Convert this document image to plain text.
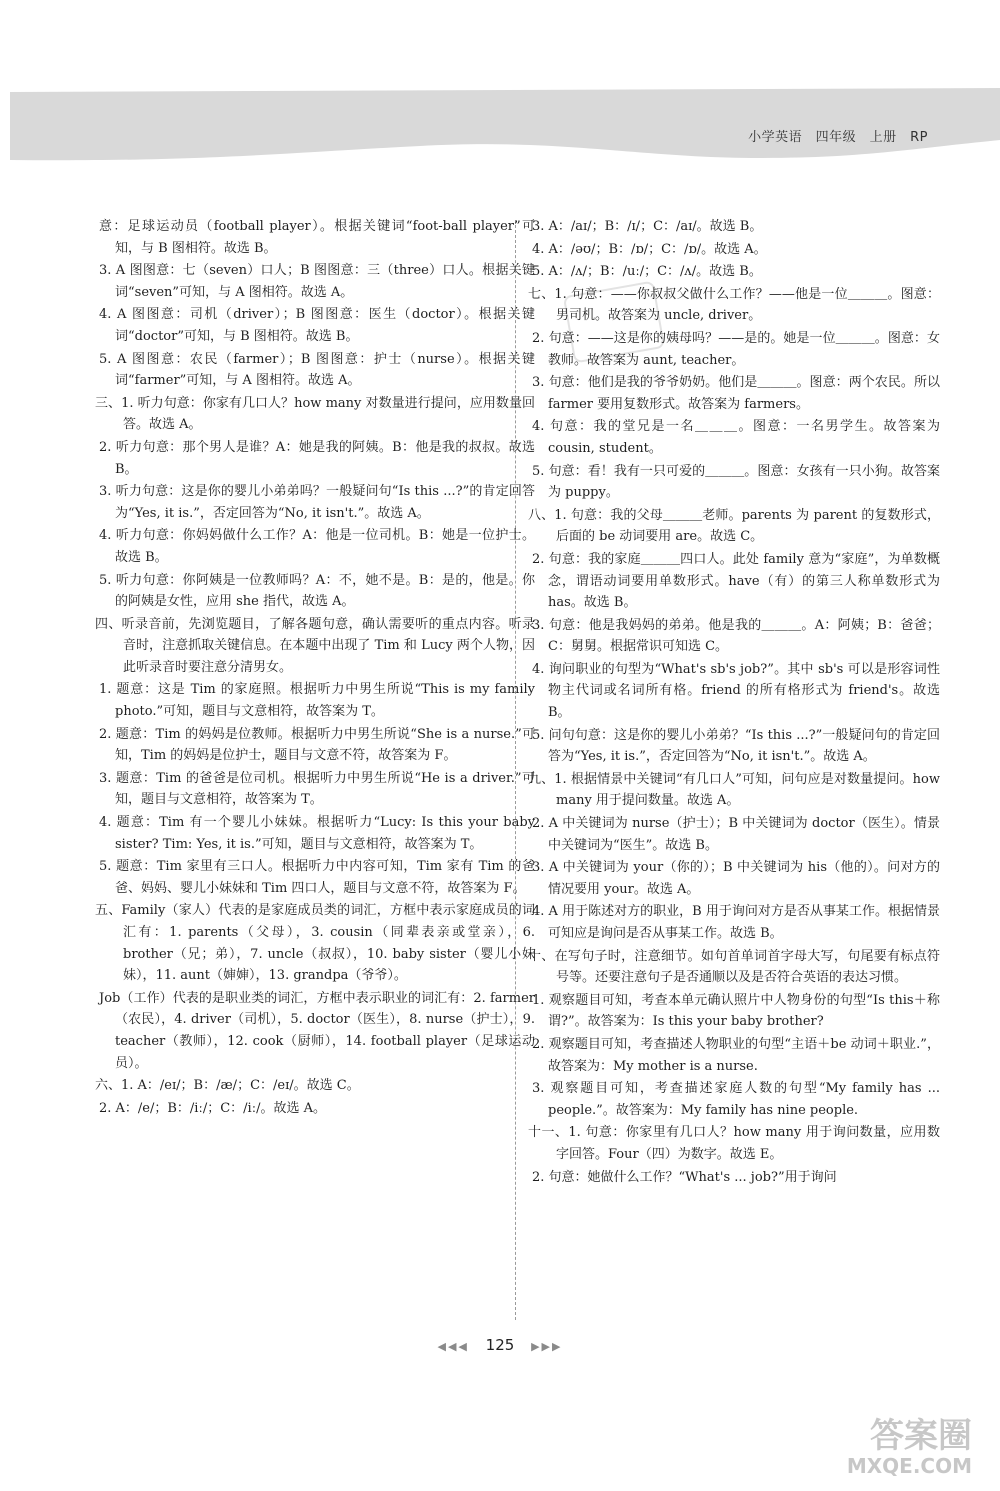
小学英语　四年级　上册　RP

意：足球运动员（football player）。根据关键词“foot-ball player”可知，与 B 图相符。故选 B。

3. A 图图意：七（seven）口人；B 图图意：三（three）口人。根据关键词“seven”可知，与 A 图相符。故选 A。

4. A 图图意：司机（driver）；B 图图意：医生（doctor）。根据关键词“doctor”可知，与 B 图相符。故选 B。

5. A 图图意：农民（farmer）；B 图图意：护士（nurse）。根据关键词“farmer”可知，与 A 图相符。故选 A。

三、1. 听力句意：你家有几口人？how many 对数量进行提问，应用数量回答。故选 A。

2. 听力句意：那个男人是谁？A：她是我的阿姨。B：他是我的叔叔。故选 B。

3. 听力句意：这是你的婴儿小弟弟吗？一般疑问句“Is this ...?”的肯定回答为“Yes, it is.”，否定回答为“No, it isn't.”。故选 A。

4. 听力句意：你妈妈做什么工作？A：他是一位司机。B：她是一位护士。故选 B。

5. 听力句意：你阿姨是一位教师吗？A：不，她不是。B：是的，他是。你的阿姨是女性，应用 she 指代，故选 A。

四、听录音前，先浏览题目，了解各题句意，确认需要听的重点内容。听录音时，注意抓取关键信息。在本题中出现了 Tim 和 Lucy 两个人物，因此听录音时要注意分清男女。

1. 题意：这是 Tim 的家庭照。根据听力中男生所说“This is my family photo.”可知，题目与文意相符，故答案为 T。

2. 题意：Tim 的妈妈是位教师。根据听力中男生所说“She is a nurse.”可知，Tim 的妈妈是位护士，题目与文意不符，故答案为 F。

3. 题意：Tim 的爸爸是位司机。根据听力中男生所说“He is a driver.”可知，题目与文意相符，故答案为 T。

4. 题意：Tim 有一个婴儿小妹妹。根据听力“Lucy: Is this your baby sister? Tim: Yes, it is.”可知，题目与文意相符，故答案为 T。

5. 题意：Tim 家里有三口人。根据听力中内容可知，Tim 家有 Tim 的爸爸、妈妈、婴儿小妹妹和 Tim 四口人，题目与文意不符，故答案为 F。

五、Family（家人）代表的是家庭成员类的词汇，方框中表示家庭成员的词汇有：1. parents（父母），3. cousin（同辈表亲或堂亲），6. brother（兄；弟），7. uncle（叔叔），10. baby sister（婴儿小妹妹），11. aunt（婶婶），13. grandpa（爷爷）。

Job（工作）代表的是职业类的词汇，方框中表示职业的词汇有：2. farmer（农民），4. driver（司机），5. doctor（医生），8. nurse（护士），9. teacher（教师），12. cook（厨师），14. football player（足球运动员）。

六、1. A：/eɪ/；B：/æ/；C：/eɪ/。故选 C。

2. A：/e/；B：/iː/；C：/iː/。故选 A。

3. A：/aɪ/；B：/ɪ/；C：/aɪ/。故选 B。

4. A：/əʊ/；B：/ɒ/；C：/ɒ/。故选 A。

5. A：/ʌ/；B：/uː/；C：/ʌ/。故选 B。

七、1. 句意：——你叔叔父做什么工作？——他是一位＿＿＿。图意：男司机。故答案为 uncle, driver。

2. 句意：——这是你的姨母吗？——是的。她是一位＿＿＿。图意：女教师。故答案为 aunt, teacher。

3. 句意：他们是我的爷爷奶奶。他们是＿＿＿。图意：两个农民。所以 farmer 要用复数形式。故答案为 farmers。

4. 句意：我的堂兄是一名＿＿＿。图意：一名男学生。故答案为 cousin, student。

5. 句意：看！我有一只可爱的＿＿＿。图意：女孩有一只小狗。故答案为 puppy。

八、1. 句意：我的父母＿＿＿老师。parents 为 parent 的复数形式，后面的 be 动词要用 are。故选 C。

2. 句意：我的家庭＿＿＿四口人。此处 family 意为“家庭”，为单数概念，谓语动词要用单数形式。have（有）的第三人称单数形式为 has。故选 B。

3. 句意：他是我妈妈的弟弟。他是我的＿＿＿。A：阿姨；B：爸爸；C：舅舅。根据常识可知选 C。

4. 询问职业的句型为“What's sb's job?”。其中 sb's 可以是形容词性物主代词或名词所有格。friend 的所有格形式为 friend's。故选 B。

5. 问句句意：这是你的婴儿小弟弟？“Is this ...?”一般疑问句的肯定回答为“Yes, it is.”，否定回答为“No, it isn't.”。故选 A。

九、1. 根据情景中关键词“有几口人”可知，问句应是对数量提问。how many 用于提问数量。故选 A。

2. A 中关键词为 nurse（护士）；B 中关键词为 doctor（医生）。情景中关键词为“医生”。故选 B。

3. A 中关键词为 your（你的）；B 中关键词为 his（他的）。问对方的情况要用 your。故选 A。

4. A 用于陈述对方的职业，B 用于询问对方是否从事某工作。根据情景可知应是询问是否从事某工作。故选 B。

十、在写句子时，注意细节。如句首单词首字母大写，句尾要有标点符号等。还要注意句子是否通顺以及是否符合英语的表达习惯。

1. 观察题目可知，考查本单元确认照片中人物身份的句型“Is this＋称谓?”。故答案为：Is this your baby brother?

2. 观察题目可知，考查描述人物职业的句型“主语＋be 动词＋职业.”，故答案为：My mother is a nurse.

3. 观察题目可知，考查描述家庭人数的句型“My family has ... people.”。故答案为：My family has nine people.

十一、1. 句意：你家里有几口人？how many 用于询问数量，应用数字回答。Four（四）为数字。故选 E。

2. 句意：她做什么工作？“What's ... job?”用于询问

◀◀◀ 125 ▶▶▶
答案圈
MXQE.COM
